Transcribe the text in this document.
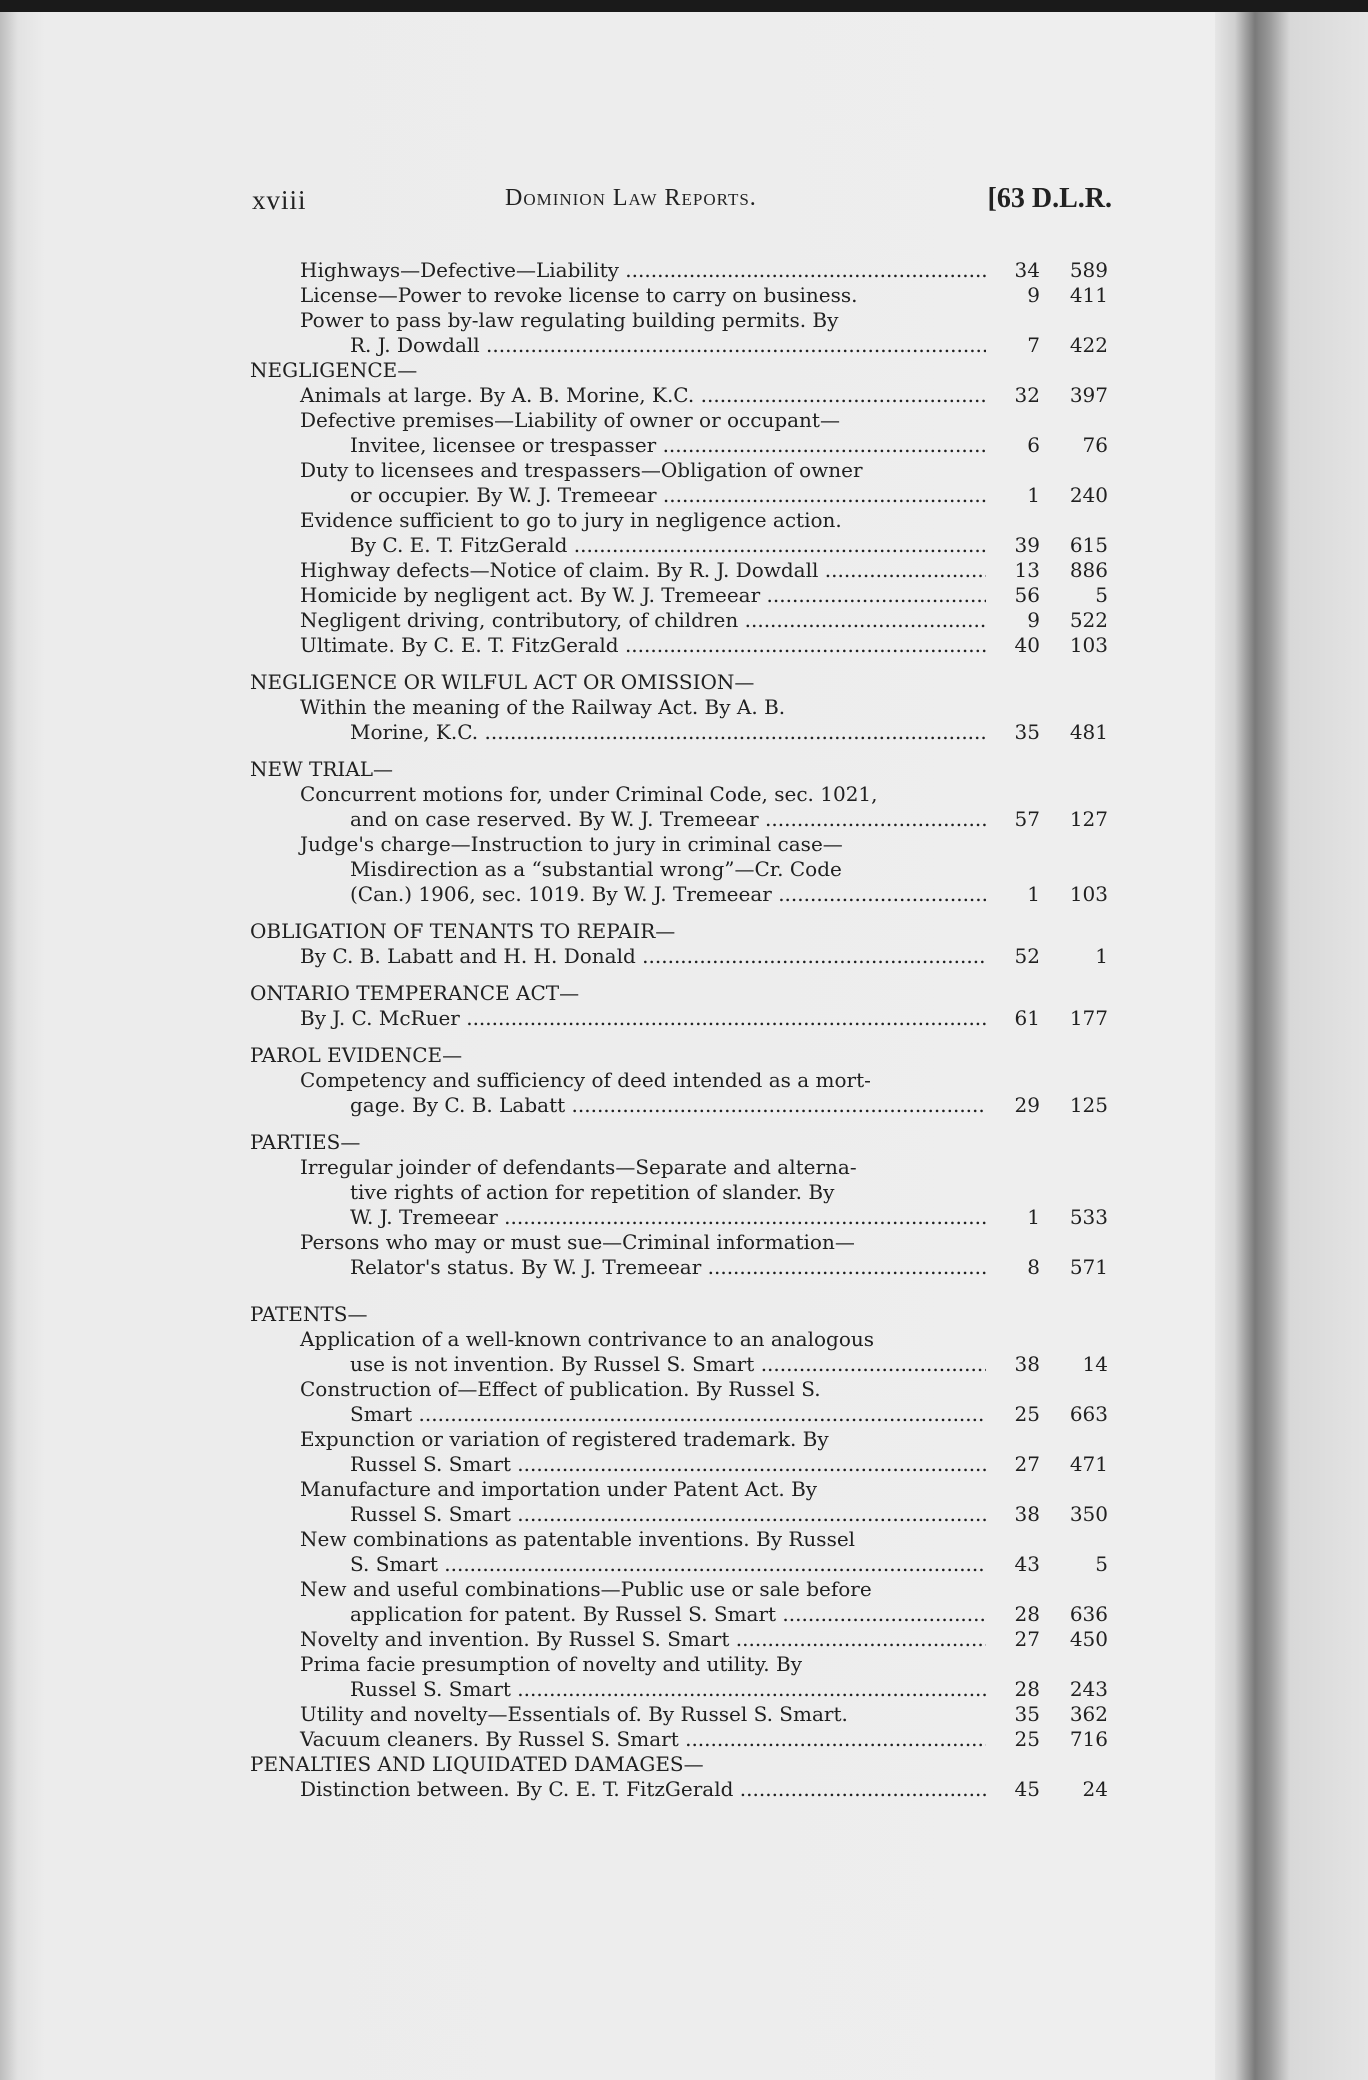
xviii	Dominion Law Reports.	[63 D.L.R.
Highways—Defective—Liability .....	34	589
License—Power to revoke license to carry on business.	9	411
Power to pass by-law regulating building permits. By
R. J. Dowdall .....	7	422
NEGLIGENCE—
Animals at large. By A. B. Morine, K.C. .....	32	397
Defective premises—Liability of owner or occupant—
Invitee, licensee or trespasser .....	6	76
Duty to licensees and trespassers—Obligation of owner
or occupier. By W. J. Tremeear .....	1	240
Evidence sufficient to go to jury in negligence action.
By C. E. T. FitzGerald .....	39	615
Highway defects—Notice of claim. By R. J. Dowdall .....	13	886
Homicide by negligent act. By W. J. Tremeear .....	56	5
Negligent driving, contributory, of children .....	9	522
Ultimate. By C. E. T. FitzGerald .....	40	103
NEGLIGENCE OR WILFUL ACT OR OMISSION—
Within the meaning of the Railway Act. By A. B.
Morine, K.C. .....	35	481
NEW TRIAL—
Concurrent motions for, under Criminal Code, sec. 1021,
and on case reserved. By W. J. Tremeear .....	57	127
Judge's charge—Instruction to jury in criminal case—
Misdirection as a “substantial wrong”—Cr. Code
(Can.) 1906, sec. 1019. By W. J. Tremeear .....	1	103
OBLIGATION OF TENANTS TO REPAIR—
By C. B. Labatt and H. H. Donald .....	52	1
ONTARIO TEMPERANCE ACT—
By J. C. McRuer .....	61	177
PAROL EVIDENCE—
Competency and sufficiency of deed intended as a mort-
gage. By C. B. Labatt .....	29	125
PARTIES—
Irregular joinder of defendants—Separate and alterna-
tive rights of action for repetition of slander. By
W. J. Tremeear .....	1	533
Persons who may or must sue—Criminal information—
Relator's status. By W. J. Tremeear .....	8	571
PATENTS—
Application of a well-known contrivance to an analogous
use is not invention. By Russel S. Smart .....	38	14
Construction of—Effect of publication. By Russel S.
Smart .....	25	663
Expunction or variation of registered trademark. By
Russel S. Smart .....	27	471
Manufacture and importation under Patent Act. By
Russel S. Smart .....	38	350
New combinations as patentable inventions. By Russel
S. Smart .....	43	5
New and useful combinations—Public use or sale before
application for patent. By Russel S. Smart .....	28	636
Novelty and invention. By Russel S. Smart .....	27	450
Prima facie presumption of novelty and utility. By
Russel S. Smart .....	28	243
Utility and novelty—Essentials of. By Russel S. Smart.	35	362
Vacuum cleaners. By Russel S. Smart .....	25	716
PENALTIES AND LIQUIDATED DAMAGES—
Distinction between. By C. E. T. FitzGerald .....	45	24
